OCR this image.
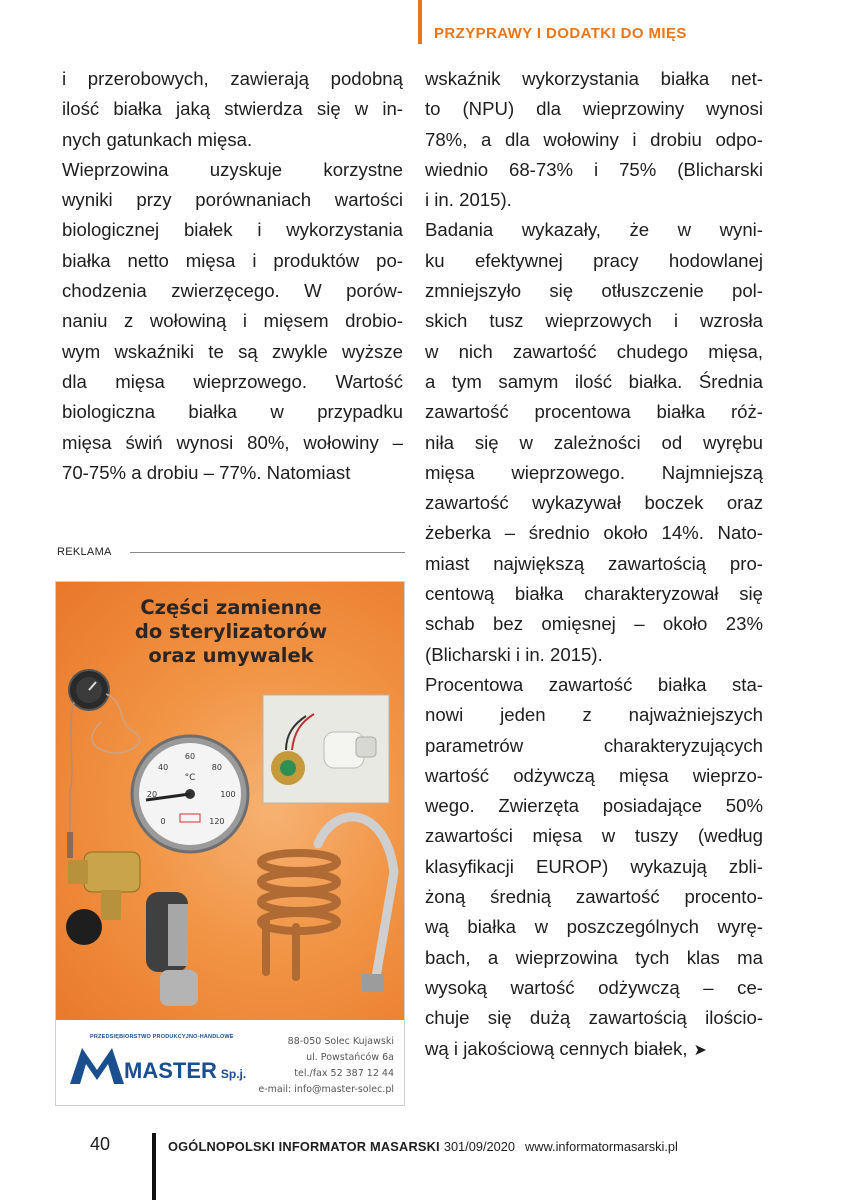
PRZYPRAWY I DODATKI DO MIĘS
i przerobowych, zawierają podobną
ilość białka jaką stwierdza się w in-
nych gatunkach mięsa.
Wieprzowina uzyskuje korzystne
wyniki przy porównaniach wartości
biologicznej białek i wykorzystania
białka netto mięsa i produktów po-
chodzenia zwierzęcego. W porów-
naniu z wołowiną i mięsem drobio-
wym wskaźniki te są zwykle wyższe
dla mięsa wieprzowego. Wartość
biologiczna białka w przypadku
mięsa świń wynosi 80%, wołowiny –
70-75% a drobiu – 77%. Natomiast
wskaźnik wykorzystania białka net-
to (NPU) dla wieprzowiny wynosi
78%, a dla wołowiny i drobiu odpo-
wiednio 68-73% i 75% (Blicharski
i in. 2015).
Badania wykazały, że w wyni-
ku efektywnej pracy hodowlanej
zmniejszyło się otłuszczenie pol-
skich tusz wieprzowych i wzrosła
w nich zawartość chudego mięsa,
a tym samym ilość białka. Średnia
zawartość procentowa białka róż-
niła się w zależności od wyrębu
mięsa wieprzowego. Najmniejszą
zawartość wykazywał boczek oraz
żeberka – średnio około 14%. Nato-
miast największą zawartością pro-
centową białka charakteryzował się
schab bez omięsnej – około 23%
(Blicharski i in. 2015).
Procentowa zawartość białka sta-
nowi jeden z najważniejszych
parametrów charakteryzujących
wartość odżywczą mięsa wieprzo-
wego. Zwierzęta posiadające 50%
zawartości mięsa w tuszy (według
klasyfikacji EUROP) wykazują zbli-
żoną średnią zawartość procento-
wą białka w poszczególnych wyrę-
bach, a wieprzowina tych klas ma
wysoką wartość odżywczą – ce-
chuje się dużą zawartością ilościo-
wą i jakościową cennych białek, ➤
REKLAMA
Części zamienne
do sterylizatorów
oraz umywalek
0
20
40
60
80
100
120
°C
PRZEDSIĘBIORSTWO PRODUKCYJNO-HANDLOWE
MASTER Sp.j.
88-050 Solec Kujawski
ul. Powstańców 6a
tel./fax 52 387 12 44
e-mail: info@master-solec.pl
40	OGÓLNOPOLSKI INFORMATOR MASARSKI 301/09/2020 www.informatormasarski.pl
